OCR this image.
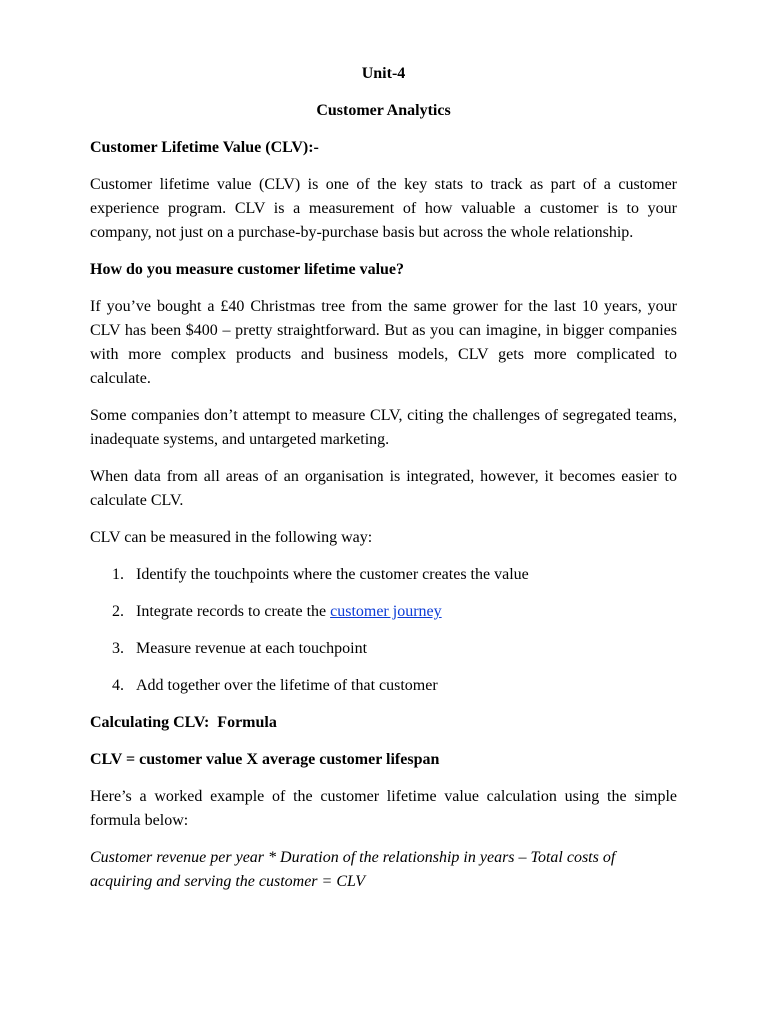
Unit-4

Customer Analytics

Customer Lifetime Value (CLV):-

Customer lifetime value (CLV) is one of the key stats to track as part of a customer experience program. CLV is a measurement of how valuable a customer is to your company, not just on a purchase-by-purchase basis but across the whole relationship.

How do you measure customer lifetime value?

If you’ve bought a £40 Christmas tree from the same grower for the last 10 years, your CLV has been $400 – pretty straightforward. But as you can imagine, in bigger companies with more complex products and business models, CLV gets more complicated to calculate.

Some companies don’t attempt to measure CLV, citing the challenges of segregated teams, inadequate systems, and untargeted marketing.

When data from all areas of an organisation is integrated, however, it becomes easier to calculate CLV.

CLV can be measured in the following way:

1. Identify the touchpoints where the customer creates the value
2. Integrate records to create the customer journey
3. Measure revenue at each touchpoint
4. Add together over the lifetime of that customer

Calculating CLV:  Formula

CLV = customer value X average customer lifespan

Here’s a worked example of the customer lifetime value calculation using the simple formula below:

Customer revenue per year * Duration of the relationship in years – Total costs of acquiring and serving the customer = CLV
